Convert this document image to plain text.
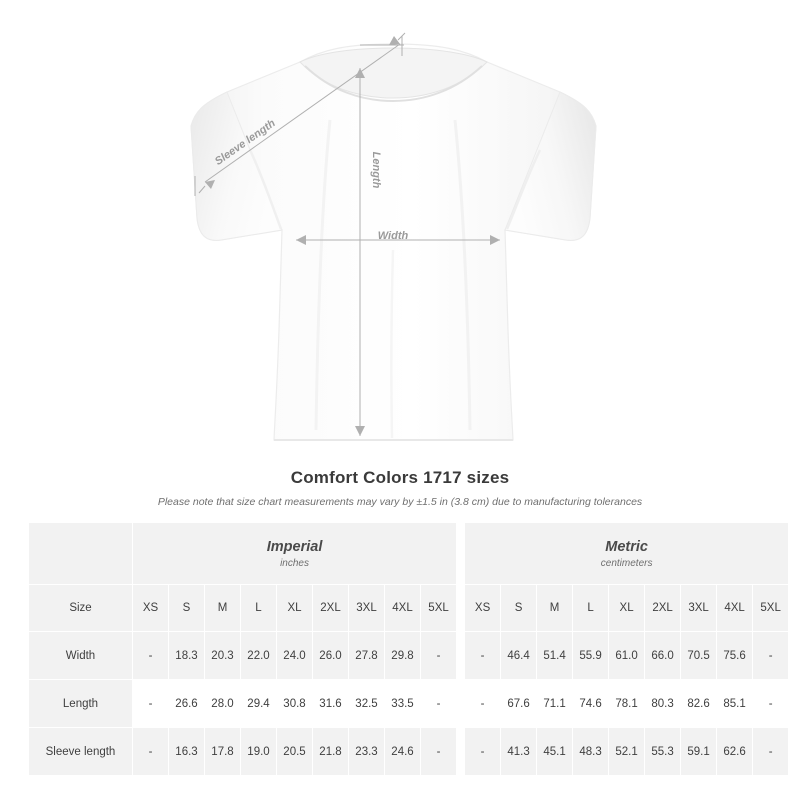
Sleeve length
Length
Width
Comfort Colors 1717 sizes
Please note that size chart measurements may vary by ±1.5 in (3.8 cm) due to manufacturing tolerances

Imperial
inches

Metric
centimeters

Size	XS	S	M	L	XL	2XL	3XL	4XL	5XL		XS	S	M	L	XL	2XL	3XL	4XL	5XL
Width	-	18.3	20.3	22.0	24.0	26.0	27.8	29.8	-		-	46.4	51.4	55.9	61.0	66.0	70.5	75.6	-
Length	-	26.6	28.0	29.4	30.8	31.6	32.5	33.5	-		-	67.6	71.1	74.6	78.1	80.3	82.6	85.1	-
Sleeve length	-	16.3	17.8	19.0	20.5	21.8	23.3	24.6	-		-	41.3	45.1	48.3	52.1	55.3	59.1	62.6	-
